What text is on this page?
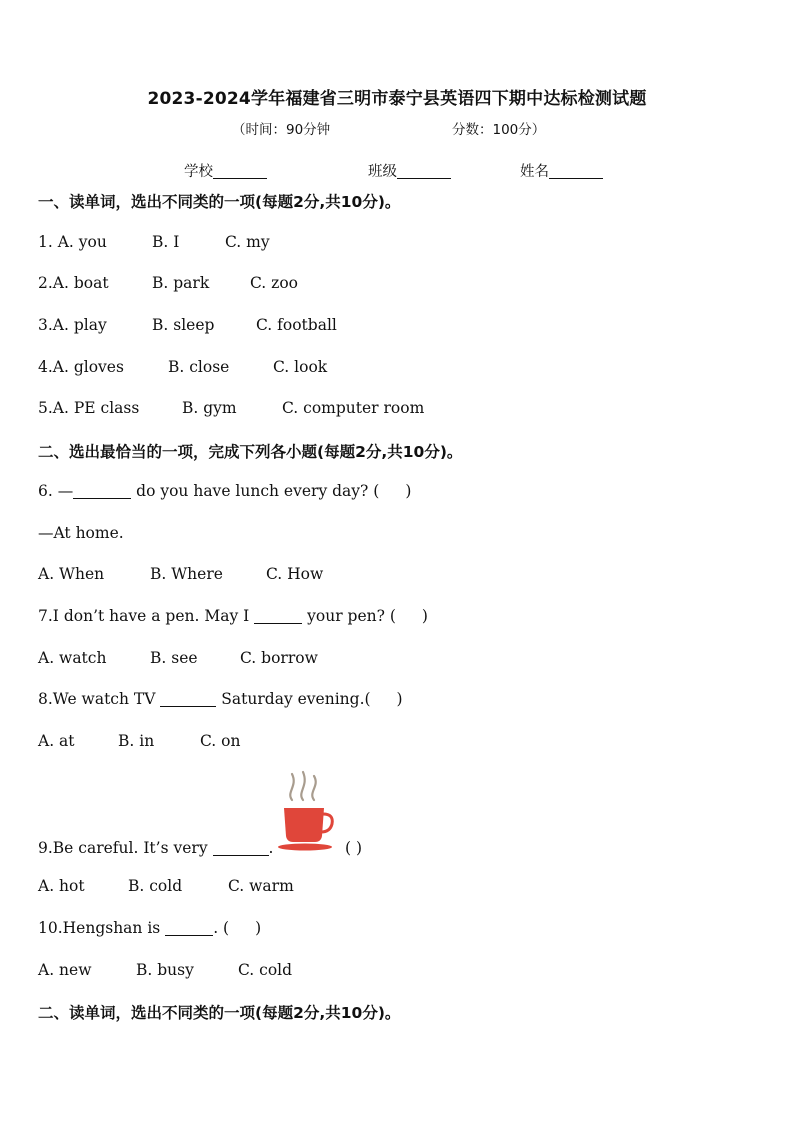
2023-2024学年福建省三明市泰宁县英语四下期中达标检测试题
（时间：90分钟	分数：100分）
学校	班级	姓名
一、读单词，选出不同类的一项(每题2分,共10分)。
1. A. you	B. I	C. my
2.A. boat	B. park	C. zoo
3.A. play	B. sleep	C. football
4.A. gloves	B. close	C. look
5.A. PE class	B. gym	C. computer room
二、选出最恰当的一项，完成下列各小题(每题2分,共10分)。
6. —	do you have lunch every day? ( )
—At home.
A. When	B. Where	C. How
7.I don’t have a pen. May I	your pen? ( )
A. watch	B. see	C. borrow
8.We watch TV	Saturday evening.( )
A. at	B. in	C. on
9.Be careful. It’s very	.	( )
A. hot	B. cold	C. warm
10.Hengshan is	. ( )
A. new	B. busy	C. cold
二、读单词，选出不同类的一项(每题2分,共10分)。
